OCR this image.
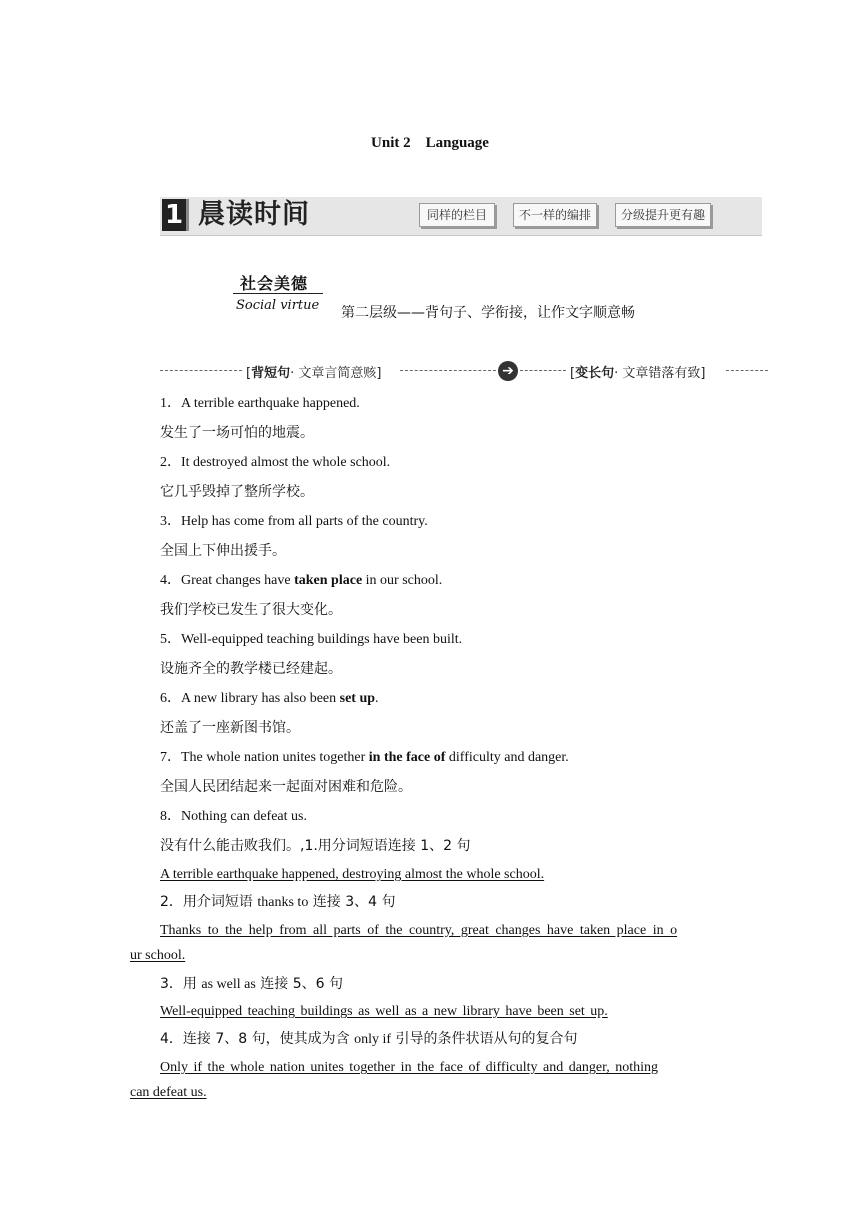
Unit 2　Language
1 晨读时间	同样的栏目	不一样的编排	分级提升更有趣
社会美德
Social virtue 第二层级——背句子、学衔接，让作文字顺意畅
[背短句· 文章言简意赅]	➔	[变长句· 文章错落有致]
1．A terrible earthquake happened.
发生了一场可怕的地震。
2．It destroyed almost the whole school.
它几乎毁掉了整所学校。
3．Help has come from all parts of the country.
全国上下伸出援手。
4．Great changes have taken place in our school.
我们学校已发生了很大变化。
5．Well-equipped teaching buildings have been built.
设施齐全的教学楼已经建起。
6．A new library has also been set up.
还盖了一座新图书馆。
7．The whole nation unites together in the face of difficulty and danger.
全国人民团结起来一起面对困难和危险。
8．Nothing can defeat us.
没有什么能击败我们。,1.用分词短语连接 1、2 句
A terrible earthquake happened, destroying almost the whole school.
2．用介词短语 thanks to 连接 3、4 句
Thanks to the help from all parts of the country, great changes have taken place in o
ur school.
3．用 as well as 连接 5、6 句
Well-equipped teaching buildings as well as a new library have been set up.
4．连接 7、8 句，使其成为含 only if 引导的条件状语从句的复合句
Only if the whole nation unites together in the face of difficulty and danger, nothing
can defeat us.
